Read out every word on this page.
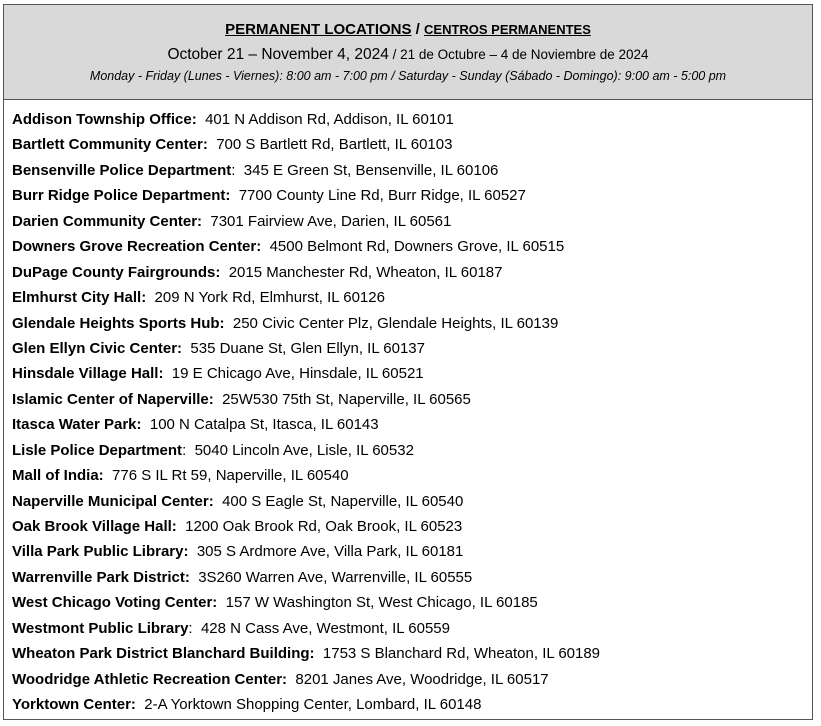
PERMANENT LOCATIONS / CENTROS PERMANENTES
October 21 – November 4, 2024 / 21 de Octubre – 4 de Noviembre de 2024
Monday - Friday (Lunes - Viernes): 8:00 am - 7:00 pm / Saturday - Sunday (Sábado - Domingo): 9:00 am - 5:00 pm
Addison Township Office: 401 N Addison Rd, Addison, IL 60101
Bartlett Community Center: 700 S Bartlett Rd, Bartlett, IL 60103
Bensenville Police Department: 345 E Green St, Bensenville, IL 60106
Burr Ridge Police Department: 7700 County Line Rd, Burr Ridge, IL 60527
Darien Community Center: 7301 Fairview Ave, Darien, IL 60561
Downers Grove Recreation Center: 4500 Belmont Rd, Downers Grove, IL 60515
DuPage County Fairgrounds: 2015 Manchester Rd, Wheaton, IL 60187
Elmhurst City Hall: 209 N York Rd, Elmhurst, IL 60126
Glendale Heights Sports Hub: 250 Civic Center Plz, Glendale Heights, IL 60139
Glen Ellyn Civic Center: 535 Duane St, Glen Ellyn, IL 60137
Hinsdale Village Hall: 19 E Chicago Ave, Hinsdale, IL 60521
Islamic Center of Naperville: 25W530 75th St, Naperville, IL 60565
Itasca Water Park: 100 N Catalpa St, Itasca, IL 60143
Lisle Police Department: 5040 Lincoln Ave, Lisle, IL 60532
Mall of India: 776 S IL Rt 59, Naperville, IL 60540
Naperville Municipal Center: 400 S Eagle St, Naperville, IL 60540
Oak Brook Village Hall: 1200 Oak Brook Rd, Oak Brook, IL 60523
Villa Park Public Library: 305 S Ardmore Ave, Villa Park, IL 60181
Warrenville Park District: 3S260 Warren Ave, Warrenville, IL 60555
West Chicago Voting Center: 157 W Washington St, West Chicago, IL 60185
Westmont Public Library: 428 N Cass Ave, Westmont, IL 60559
Wheaton Park District Blanchard Building: 1753 S Blanchard Rd, Wheaton, IL 60189
Woodridge Athletic Recreation Center: 8201 Janes Ave, Woodridge, IL 60517
Yorktown Center: 2-A Yorktown Shopping Center, Lombard, IL 60148
